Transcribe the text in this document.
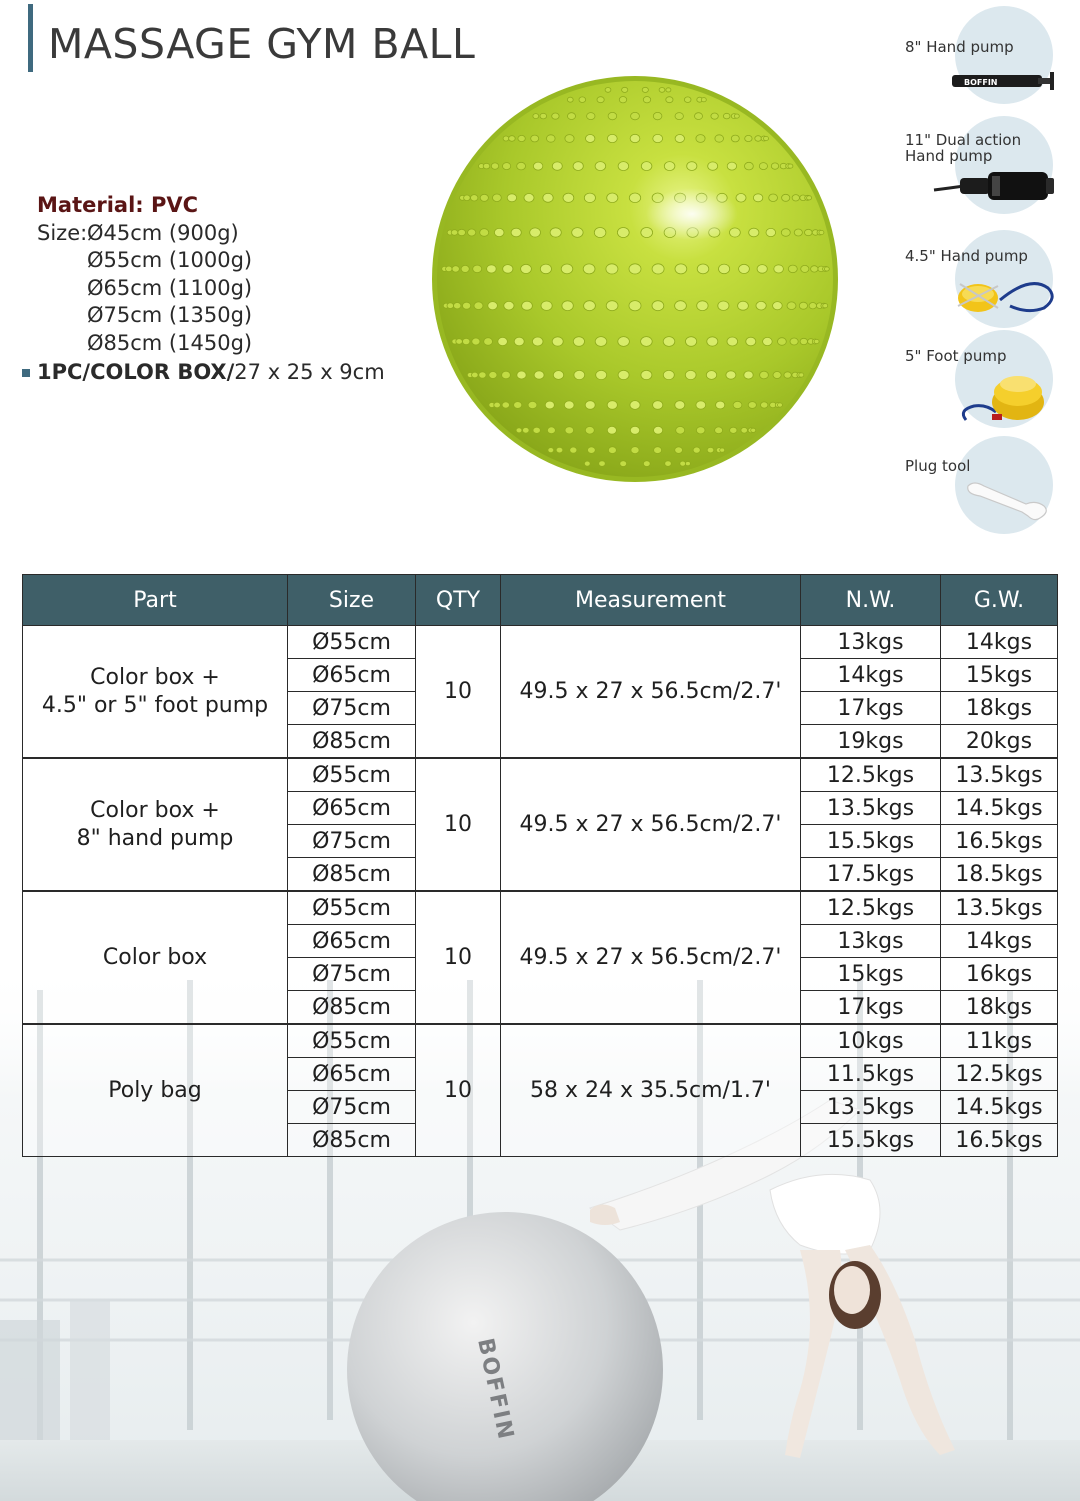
MASSAGE GYM BALL
Material: PVC
Size: Ø45cm (900g)
Ø55cm (1000g)
Ø65cm (1100g)
Ø75cm (1350g)
Ø85cm (1450g)
1PC/COLOR BOX/ 27 x 25 x 9cm
8" Hand pump
BOFFIN
11" Dual action Hand pump
4.5" Hand pump
5" Foot pump
Plug tool
BOFFIN
Part	Size	QTY	Measurement	N.W.	G.W.

Color box +
4.5" or 5" foot pump	Ø55cm	10	49.5 x 27 x 56.5cm/2.7'	13kgs	14kgs
	Ø65cm			14kgs	15kgs
	Ø75cm			17kgs	18kgs
	Ø85cm			19kgs	20kgs

Color box +
8" hand pump	Ø55cm	10	49.5 x 27 x 56.5cm/2.7'	12.5kgs	13.5kgs
	Ø65cm			13.5kgs	14.5kgs
	Ø75cm			15.5kgs	16.5kgs
	Ø85cm			17.5kgs	18.5kgs

Color box	Ø55cm	10	49.5 x 27 x 56.5cm/2.7'	12.5kgs	13.5kgs
	Ø65cm			13kgs	14kgs
	Ø75cm			15kgs	16kgs
	Ø85cm			17kgs	18kgs

Poly bag	Ø55cm	10	58 x 24 x 35.5cm/1.7'	10kgs	11kgs
	Ø65cm			11.5kgs	12.5kgs
	Ø75cm			13.5kgs	14.5kgs
	Ø85cm			15.5kgs	16.5kgs
